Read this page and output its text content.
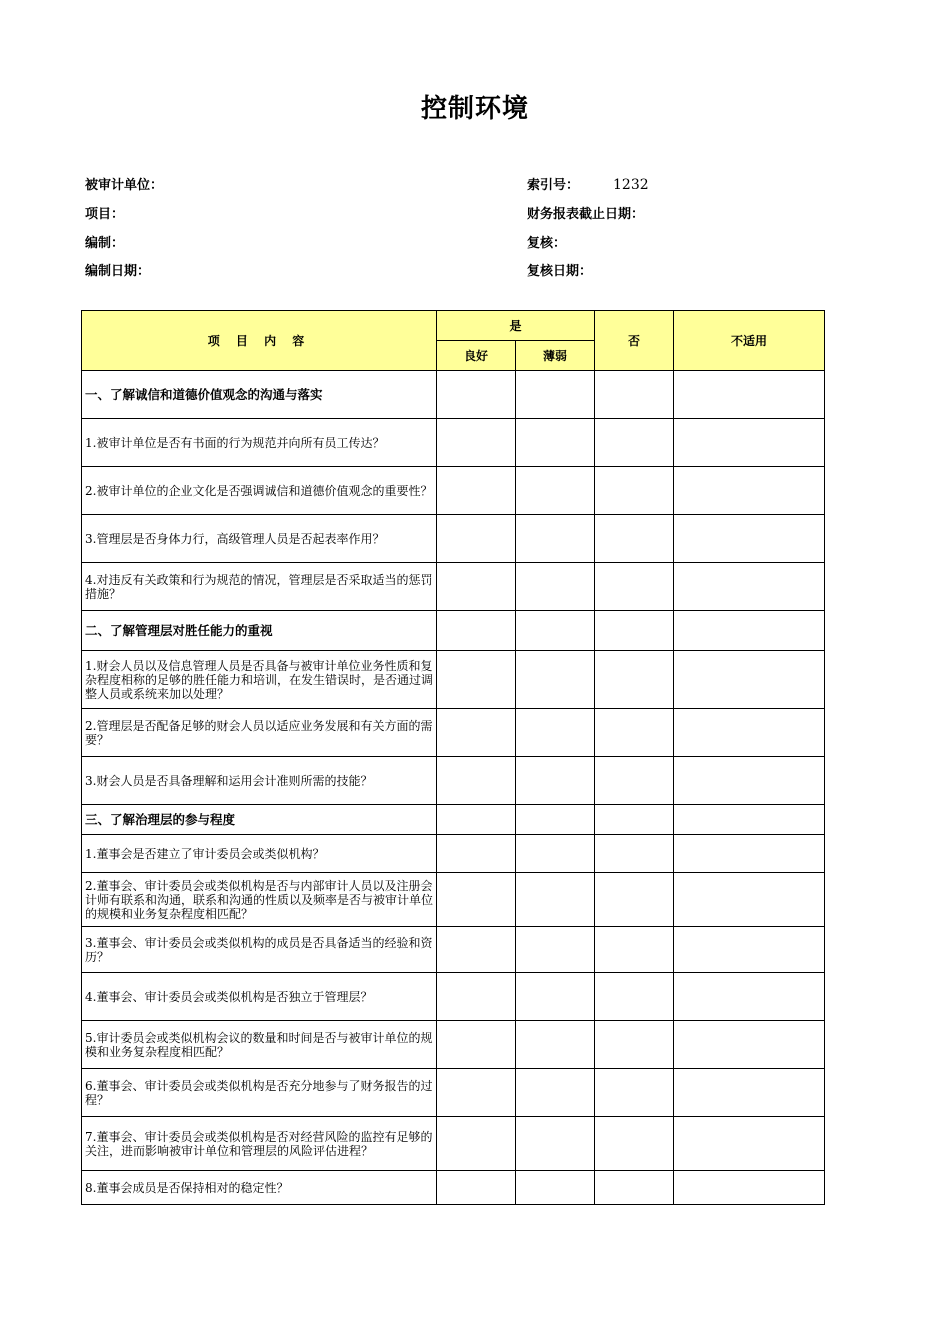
控制环境
被审计单位：	索引号： 1232
项目：	财务报表截止日期：
编制：	复核：
编制日期：	复核日期：
项 目 内 容	是		否	不适用
	良好	薄弱		
一、了解诚信和道德价值观念的沟通与落实				
1.被审计单位是否有书面的行为规范并向所有员工传达？				
2.被审计单位的企业文化是否强调诚信和道德价值观念的重要性？				
3.管理层是否身体力行，高级管理人员是否起表率作用？				
4.对违反有关政策和行为规范的情况，管理层是否采取适当的惩罚措施？				
二、了解管理层对胜任能力的重视				
1.财会人员以及信息管理人员是否具备与被审计单位业务性质和复杂程度相称的足够的胜任能力和培训，在发生错误时，是否通过调整人员或系统来加以处理？				
2.管理层是否配备足够的财会人员以适应业务发展和有关方面的需要？				
3.财会人员是否具备理解和运用会计准则所需的技能？				
三、了解治理层的参与程度				
1.董事会是否建立了审计委员会或类似机构？				
2.董事会、审计委员会或类似机构是否与内部审计人员以及注册会计师有联系和沟通，联系和沟通的性质以及频率是否与被审计单位的规模和业务复杂程度相匹配？				
3.董事会、审计委员会或类似机构的成员是否具备适当的经验和资历？				
4.董事会、审计委员会或类似机构是否独立于管理层？				
5.审计委员会或类似机构会议的数量和时间是否与被审计单位的规模和业务复杂程度相匹配？				
6.董事会、审计委员会或类似机构是否充分地参与了财务报告的过程？				
7.董事会、审计委员会或类似机构是否对经营风险的监控有足够的关注，进而影响被审计单位和管理层的风险评估进程？				
8.董事会成员是否保持相对的稳定性？				
